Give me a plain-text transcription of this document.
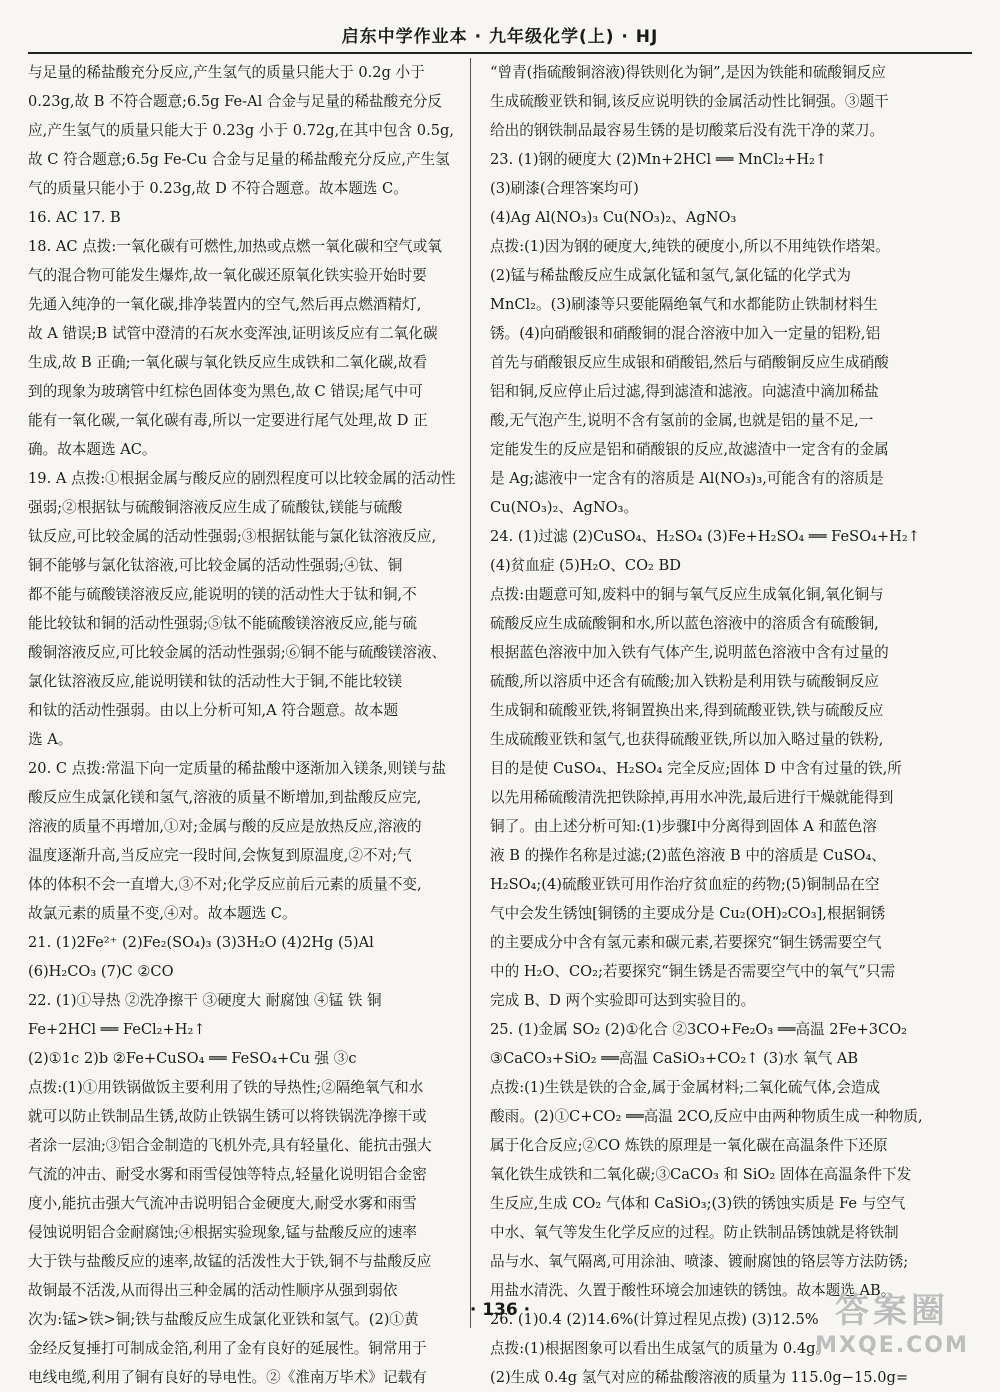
启东中学作业本 · 九年级化学(上) · HJ

与足量的稀盐酸充分反应,产生氢气的质量只能大于 0.2g 小于

0.23g,故 B 不符合题意;6.5g Fe-Al 合金与足量的稀盐酸充分反

应,产生氢气的质量只能大于 0.23g 小于 0.72g,在其中包含 0.5g,

故 C 符合题意;6.5g Fe-Cu 合金与足量的稀盐酸充分反应,产生氢

气的质量只能小于 0.23g,故 D 不符合题意。故本题选 C。

16. AC 17. B

18. AC 点拨:一氧化碳有可燃性,加热或点燃一氧化碳和空气或氧

气的混合物可能发生爆炸,故一氧化碳还原氧化铁实验开始时要

先通入纯净的一氧化碳,排净装置内的空气,然后再点燃酒精灯,

故 A 错误;B 试管中澄清的石灰水变浑浊,证明该反应有二氧化碳

生成,故 B 正确;一氧化碳与氧化铁反应生成铁和二氧化碳,故看

到的现象为玻璃管中红棕色固体变为黑色,故 C 错误;尾气中可

能有一氧化碳,一氧化碳有毒,所以一定要进行尾气处理,故 D 正

确。故本题选 AC。

19. A 点拨:①根据金属与酸反应的剧烈程度可以比较金属的活动性

强弱;②根据钛与硫酸铜溶液反应生成了硫酸钛,镁能与硫酸

钛反应,可比较金属的活动性强弱;③根据钛能与氯化钛溶液反应,

铜不能够与氯化钛溶液,可比较金属的活动性强弱;④钛、铜

都不能与硫酸镁溶液反应,能说明的镁的活动性大于钛和铜,不

能比较钛和铜的活动性强弱;⑤钛不能硫酸镁溶液反应,能与硫

酸铜溶液反应,可比较金属的活动性强弱;⑥铜不能与硫酸镁溶液、

氯化钛溶液反应,能说明镁和钛的活动性大于铜,不能比较镁

和钛的活动性强弱。由以上分析可知,A 符合题意。故本题

选 A。

20. C 点拨:常温下向一定质量的稀盐酸中逐渐加入镁条,则镁与盐

酸反应生成氯化镁和氢气,溶液的质量不断增加,到盐酸反应完,

溶液的质量不再增加,①对;金属与酸的反应是放热反应,溶液的

温度逐渐升高,当反应完一段时间,会恢复到原温度,②不对;气

体的体积不会一直增大,③不对;化学反应前后元素的质量不变,

故氯元素的质量不变,④对。故本题选 C。

21. (1)2Fe²⁺ (2)Fe₂(SO₄)₃ (3)3H₂O (4)2Hg (5)Al

(6)H₂CO₃ (7)C ②CO

22. (1)①导热 ②洗净擦干 ③硬度大 耐腐蚀 ④锰 铁 铜

Fe+2HCl ══ FeCl₂+H₂↑

(2)①1c 2)b ②Fe+CuSO₄ ══ FeSO₄+Cu 强 ③c

点拨:(1)①用铁锅做饭主要利用了铁的导热性;②隔绝氧气和水

就可以防止铁制品生锈,故防止铁锅生锈可以将铁锅洗净擦干或

者涂一层油;③铝合金制造的飞机外壳,具有轻量化、能抗击强大

气流的冲击、耐受水雾和雨雪侵蚀等特点,轻量化说明铝合金密

度小,能抗击强大气流冲击说明铝合金硬度大,耐受水雾和雨雪

侵蚀说明铝合金耐腐蚀;④根据实验现象,锰与盐酸反应的速率

大于铁与盐酸反应的速率,故锰的活泼性大于铁,铜不与盐酸反应

故铜最不活泼,从而得出三种金属的活动性顺序从强到弱依

次为:锰>铁>铜;铁与盐酸反应生成氯化亚铁和氢气。(2)①黄

金经反复捶打可制成金箔,利用了金有良好的延展性。铜常用于

电线电缆,利用了铜有良好的导电性。②《淮南万毕术》记载有

“曾青(指硫酸铜溶液)得铁则化为铜”,是因为铁能和硫酸铜反应

生成硫酸亚铁和铜,该反应说明铁的金属活动性比铜强。③题干

给出的钢铁制品最容易生锈的是切酸菜后没有洗干净的菜刀。

23. (1)钢的硬度大 (2)Mn+2HCl ══ MnCl₂+H₂↑

(3)刷漆(合理答案均可)

(4)Ag Al(NO₃)₃ Cu(NO₃)₂、AgNO₃

点拨:(1)因为钢的硬度大,纯铁的硬度小,所以不用纯铁作塔架。

(2)锰与稀盐酸反应生成氯化锰和氢气,氯化锰的化学式为

MnCl₂。(3)刷漆等只要能隔绝氧气和水都能防止铁制材料生

锈。(4)向硝酸银和硝酸铜的混合溶液中加入一定量的铝粉,铝

首先与硝酸银反应生成银和硝酸铝,然后与硝酸铜反应生成硝酸

铝和铜,反应停止后过滤,得到滤渣和滤液。向滤渣中滴加稀盐

酸,无气泡产生,说明不含有氢前的金属,也就是铝的量不足,一

定能发生的反应是铝和硝酸银的反应,故滤渣中一定含有的金属

是 Ag;滤液中一定含有的溶质是 Al(NO₃)₃,可能含有的溶质是

Cu(NO₃)₂、AgNO₃。

24. (1)过滤 (2)CuSO₄、H₂SO₄ (3)Fe+H₂SO₄ ══ FeSO₄+H₂↑

(4)贫血症 (5)H₂O、CO₂ BD

点拨:由题意可知,废料中的铜与氧气反应生成氧化铜,氧化铜与

硫酸反应生成硫酸铜和水,所以蓝色溶液中的溶质含有硫酸铜,

根据蓝色溶液中加入铁有气体产生,说明蓝色溶液中含有过量的

硫酸,所以溶质中还含有硫酸;加入铁粉是利用铁与硫酸铜反应

生成铜和硫酸亚铁,将铜置换出来,得到硫酸亚铁,铁与硫酸反应

生成硫酸亚铁和氢气,也获得硫酸亚铁,所以加入略过量的铁粉,

目的是使 CuSO₄、H₂SO₄ 完全反应;固体 D 中含有过量的铁,所

以先用稀硫酸清洗把铁除掉,再用水冲洗,最后进行干燥就能得到

铜了。由上述分析可知:(1)步骤Ⅰ中分离得到固体 A 和蓝色溶

液 B 的操作名称是过滤;(2)蓝色溶液 B 中的溶质是 CuSO₄、

H₂SO₄;(4)硫酸亚铁可用作治疗贫血症的药物;(5)铜制品在空

气中会发生锈蚀[铜锈的主要成分是 Cu₂(OH)₂CO₃],根据铜锈

的主要成分中含有氢元素和碳元素,若要探究“铜生锈需要空气

中的 H₂O、CO₂;若要探究“铜生锈是否需要空气中的氧气”只需

完成 B、D 两个实验即可达到实验目的。

25. (1)金属 SO₂ (2)①化合 ②3CO+Fe₂O₃ ══高温 2Fe+3CO₂

③CaCO₃+SiO₂ ══高温 CaSiO₃+CO₂↑ (3)水 氧气 AB

点拨:(1)生铁是铁的合金,属于金属材料;二氧化硫气体,会造成

酸雨。(2)①C+CO₂ ══高温 2CO,反应中由两种物质生成一种物质,

属于化合反应;②CO 炼铁的原理是一氧化碳在高温条件下还原

氧化铁生成铁和二氧化碳;③CaCO₃ 和 SiO₂ 固体在高温条件下发

生反应,生成 CO₂ 气体和 CaSiO₃;(3)铁的锈蚀实质是 Fe 与空气

中水、氧气等发生化学反应的过程。防止铁制品锈蚀就是将铁制

品与水、氧气隔离,可用涂油、喷漆、镀耐腐蚀的铬层等方法防锈;

用盐水清洗、久置于酸性环境会加速铁的锈蚀。故本题选 AB。

26. (1)0.4 (2)14.6%(计算过程见点拨) (3)12.5%

点拨:(1)根据图象可以看出生成氢气的质量为 0.4g。

(2)生成 0.4g 氢气对应的稀盐酸溶液的质量为 115.0g−15.0g=

· 136 ·	答案圈
MXQE.COM
